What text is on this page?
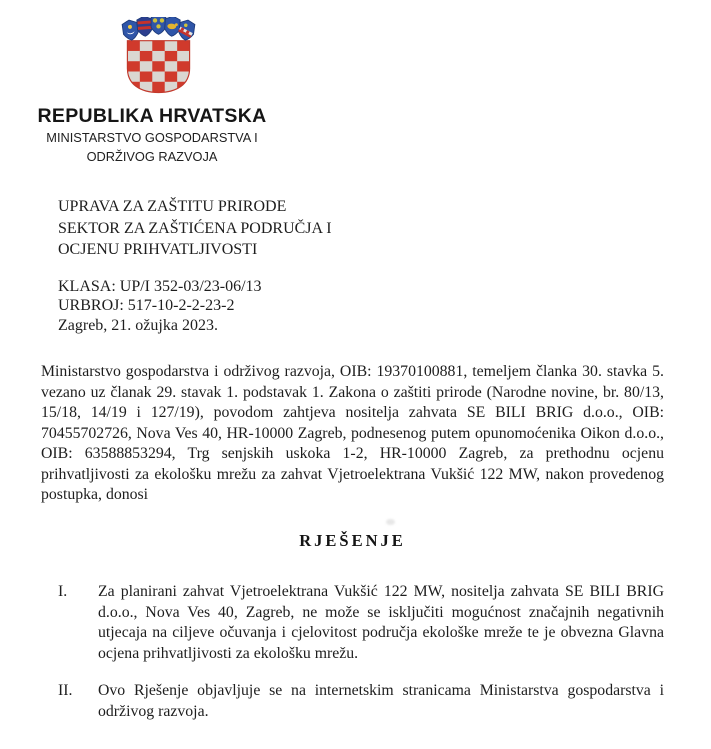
REPUBLIKA HRVATSKA
MINISTARSTVO GOSPODARSTVA I
ODRŽIVOG RAZVOJA
UPRAVA ZA ZAŠTITU PRIRODE
SEKTOR ZA ZAŠTIĆENA PODRUČJA I
OCJENU PRIHVATLJIVOSTI
KLASA: UP/I 352-03/23-06/13
URBROJ: 517-10-2-2-23-2
Zagreb, 21. ožujka 2023.

Ministarstvo gospodarstva i održivog razvoja, OIB: 19370100881, temeljem članka 30. stavka 5. vezano uz članak 29. stavak 1. podstavak 1. Zakona o zaštiti prirode (Narodne novine, br. 80/13, 15/18, 14/19 i 127/19), povodom zahtjeva nositelja zahvata SE BILI BRIG d.o.o., OIB: 70455702726, Nova Ves 40, HR-10000 Zagreb, podnesenog putem opunomoćenika Oikon d.o.o., OIB: 63588853294, Trg senjskih uskoka 1-2, HR-10000 Zagreb, za prethodnu ocjenu prihvatljivosti za ekološku mrežu za zahvat Vjetroelektrana Vukšić 122 MW, nakon provedenog postupka, donosi

RJEŠENJE
I.	Za planirani zahvat Vjetroelektrana Vukšić 122 MW, nositelja zahvata SE BILI BRIG d.o.o., Nova Ves 40, Zagreb, ne može se isključiti mogućnost značajnih negativnih utjecaja na ciljeve očuvanja i cjelovitost područja ekološke mreže te je obvezna Glavna ocjena prihvatljivosti za ekološku mrežu.
II.	Ovo Rješenje objavljuje se na internetskim stranicama Ministarstva gospodarstva i održivog razvoja.
